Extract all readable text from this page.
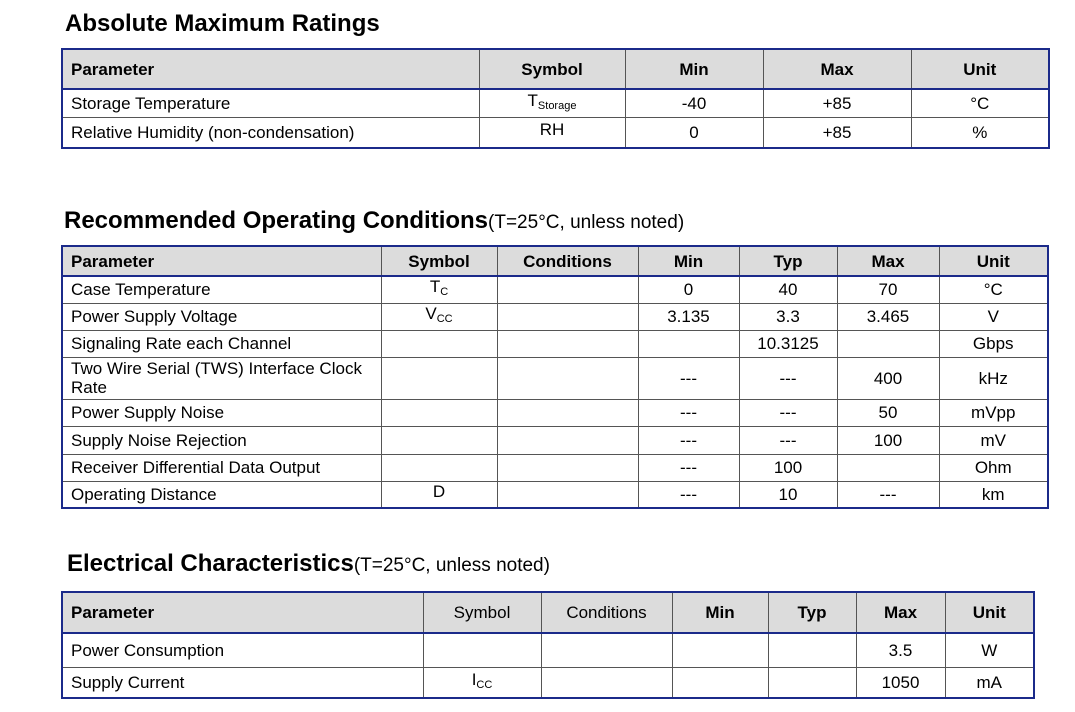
Absolute Maximum Ratings
Parameter	Symbol	Min	Max	Unit
Storage Temperature	$T_{Storage}$	-40	+85	°C
Relative Humidity (non-condensation)	RH	0	+85	%
Recommended Operating Conditions(T=25°C, unless noted)
Parameter	Symbol	Conditions	Min	Typ	Max	Unit
Case Temperature	$T_C$		0	40	70	°C
Power Supply Voltage	$V_{CC}$		3.135	3.3	3.465	V
Signaling Rate each Channel				10.3125		Gbps
Two Wire Serial (TWS) Interface Clock Rate			---	---	400	kHz
Power Supply Noise			---	---	50	mVpp
Supply Noise Rejection			---	---	100	mV
Receiver Differential Data Output			---	100		Ohm
Operating Distance	D		---	10	---	km
Electrical Characteristics(T=25°C, unless noted)
Parameter	Symbol	Conditions	Min	Typ	Max	Unit
Power Consumption					3.5	W
Supply Current	$I_{CC}$				1050	mA
